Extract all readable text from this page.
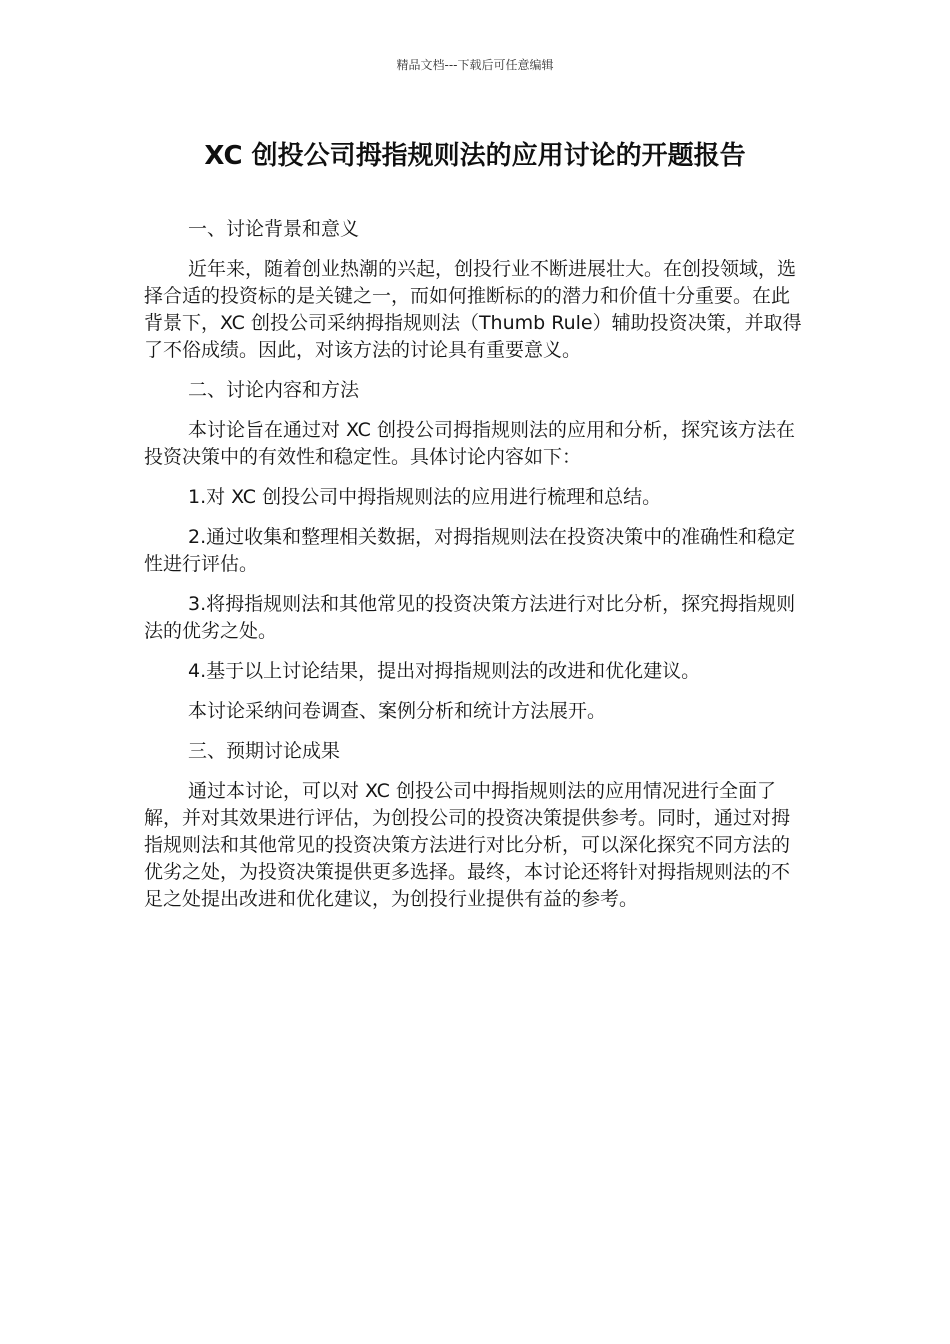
精品文档---下载后可任意编辑
XC 创投公司拇指规则法的应用讨论的开题报告

一、讨论背景和意义

近年来，随着创业热潮的兴起，创投行业不断进展壮大。在创投领域，选择合适的投资标的是关键之一，而如何推断标的的潜力和价值十分重要。在此背景下，XC 创投公司采纳拇指规则法（Thumb Rule）辅助投资决策，并取得了不俗成绩。因此，对该方法的讨论具有重要意义。

二、讨论内容和方法

本讨论旨在通过对 XC 创投公司拇指规则法的应用和分析，探究该方法在投资决策中的有效性和稳定性。具体讨论内容如下：

1.对 XC 创投公司中拇指规则法的应用进行梳理和总结。

2.通过收集和整理相关数据，对拇指规则法在投资决策中的准确性和稳定性进行评估。

3.将拇指规则法和其他常见的投资决策方法进行对比分析，探究拇指规则法的优劣之处。

4.基于以上讨论结果，提出对拇指规则法的改进和优化建议。

本讨论采纳问卷调查、案例分析和统计方法展开。

三、预期讨论成果

通过本讨论，可以对 XC 创投公司中拇指规则法的应用情况进行全面了解，并对其效果进行评估，为创投公司的投资决策提供参考。同时，通过对拇指规则法和其他常见的投资决策方法进行对比分析，可以深化探究不同方法的优劣之处，为投资决策提供更多选择。最终，本讨论还将针对拇指规则法的不足之处提出改进和优化建议，为创投行业提供有益的参考。
